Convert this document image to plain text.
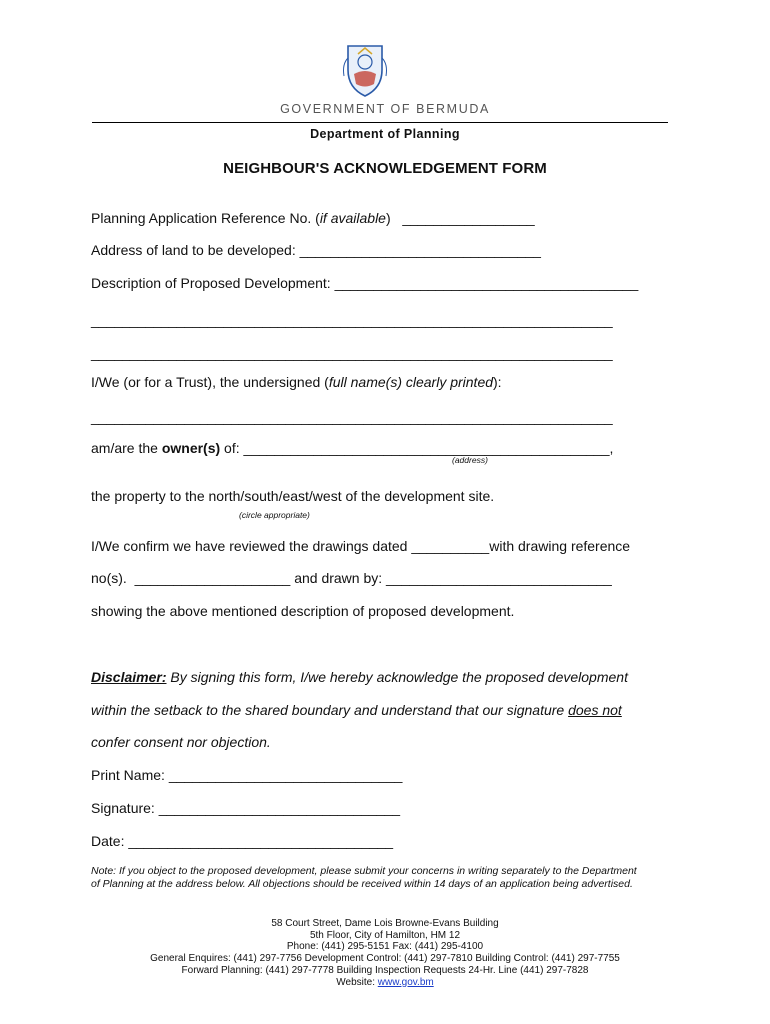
GOVERNMENT OF BERMUDA
Department of Planning
NEIGHBOUR'S ACKNOWLEDGEMENT FORM
Planning Application Reference No. (if available) _________________
Address of land to be developed: _______________________________
Description of Proposed Development: _______________________________________
___________________________________________________________________
___________________________________________________________________
I/We (or for a Trust), the undersigned (full name(s) clearly printed):
___________________________________________________________________
am/are the owner(s) of: _______________________________________________,
(address)
the property to the north/south/east/west of the development site.
(circle appropriate)
I/We confirm we have reviewed the drawings dated __________with drawing reference
no(s). ____________________ and drawn by: _____________________________
showing the above mentioned description of proposed development.
Disclaimer: By signing this form, I/we hereby acknowledge the proposed development
within the setback to the shared boundary and understand that our signature does not
confer consent nor objection.
Print Name: ______________________________
Signature: _______________________________
Date: __________________________________
Note: If you object to the proposed development, please submit your concerns in writing separately to the Department
of Planning at the address below. All objections should be received within 14 days of an application being advertised.
58 Court Street, Dame Lois Browne-Evans Building
5th Floor, City of Hamilton, HM 12
Phone: (441) 295-5151 Fax: (441) 295-4100
General Enquires: (441) 297-7756 Development Control: (441) 297-7810 Building Control: (441) 297-7755
Forward Planning: (441) 297-7778 Building Inspection Requests 24-Hr. Line (441) 297-7828
Website: www.gov.bm
